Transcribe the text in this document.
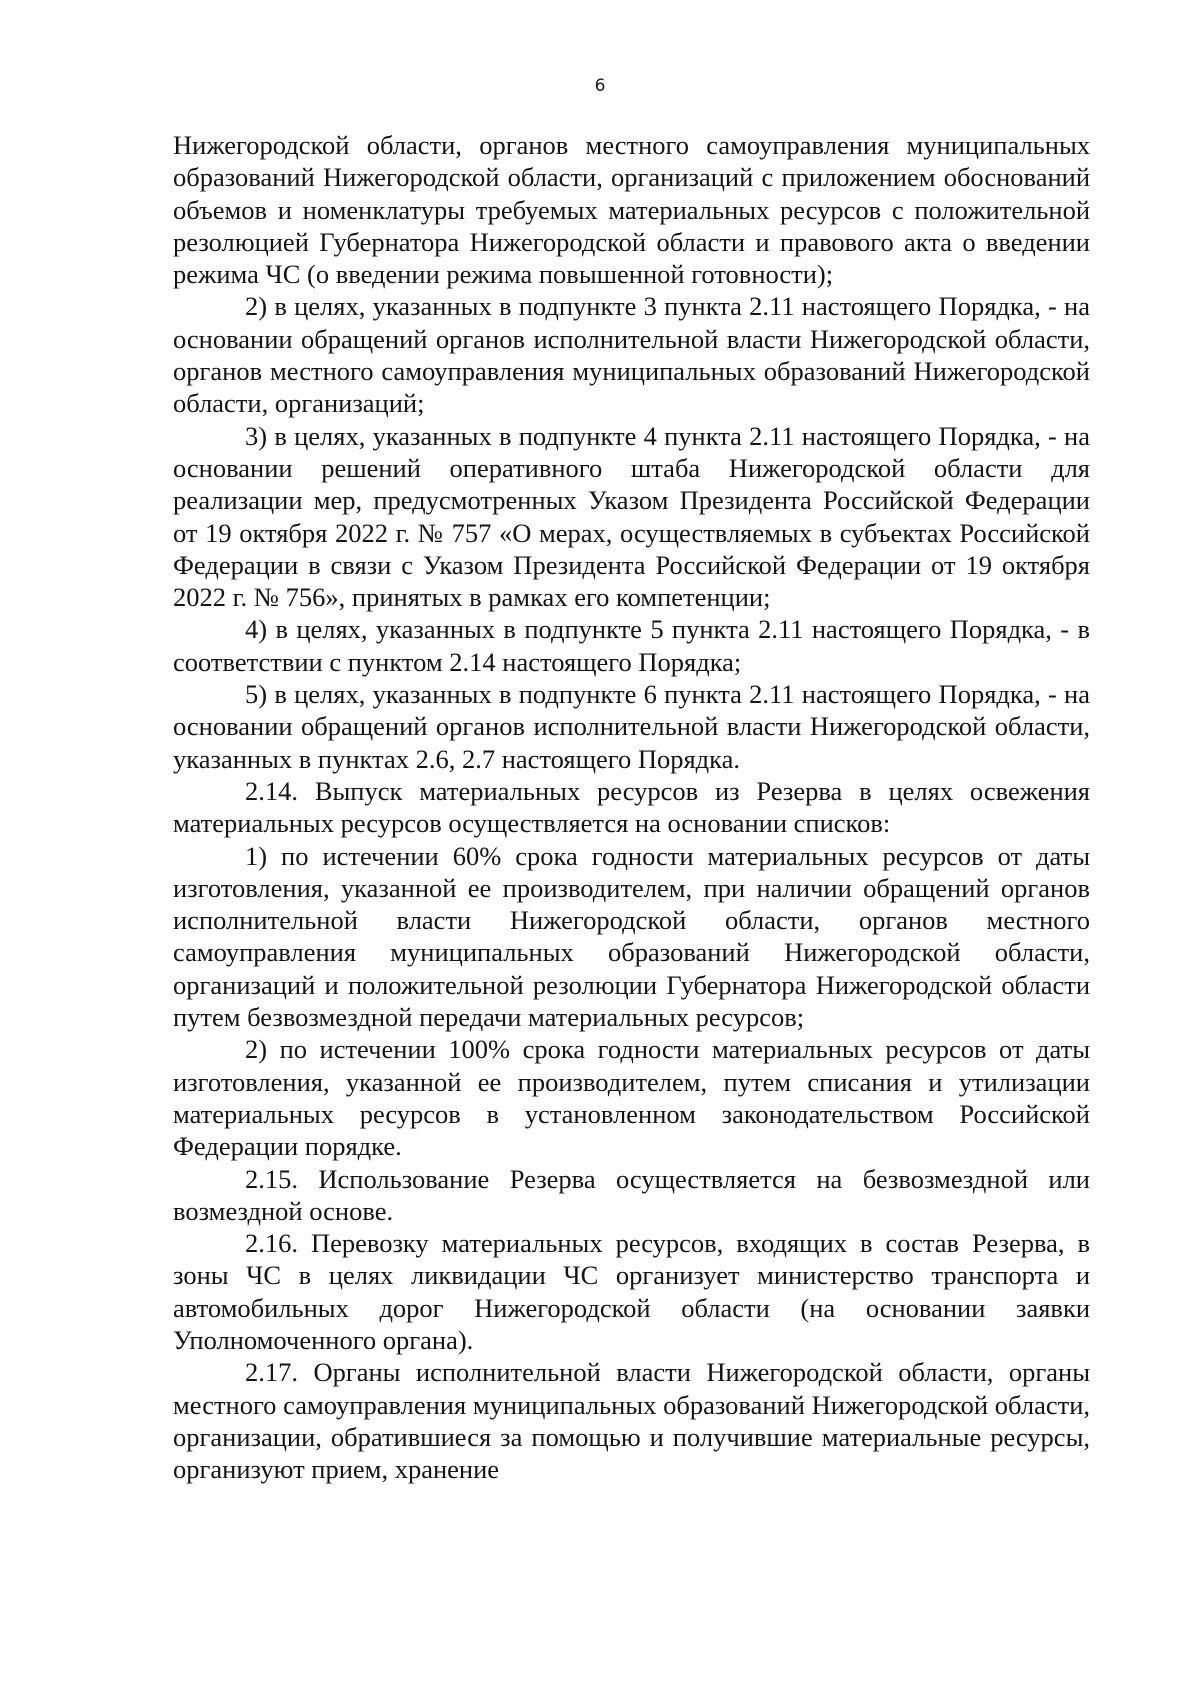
6

Нижегородской области, органов местного самоуправления муниципальных образований Нижегородской области, организаций с приложением обоснований объемов и номенклатуры требуемых материальных ресурсов с положительной резолюцией Губернатора Нижегородской области и правового акта о введении режима ЧС (о введении режима повышенной готовности);

2) в целях, указанных в подпункте 3 пункта 2.11 настоящего Порядка, - на основании обращений органов исполнительной власти Нижегородской области, органов местного самоуправления муниципальных образований Нижегородской области, организаций;

3) в целях, указанных в подпункте 4 пункта 2.11 настоящего Порядка, - на основании решений оперативного штаба Нижегородской области для реализации мер, предусмотренных Указом Президента Российской Федерации от 19 октября 2022 г. № 757 «О мерах, осуществляемых в субъектах Российской Федерации в связи с Указом Президента Российской Федерации от 19 октября 2022 г. № 756», принятых в рамках его компетенции;

4) в целях, указанных в подпункте 5 пункта 2.11 настоящего Порядка, - в соответствии с пунктом 2.14 настоящего Порядка;

5) в целях, указанных в подпункте 6 пункта 2.11 настоящего Порядка, - на основании обращений органов исполнительной власти Нижегородской области, указанных в пунктах 2.6, 2.7 настоящего Порядка.

2.14. Выпуск материальных ресурсов из Резерва в целях освежения материальных ресурсов осуществляется на основании списков:

1) по истечении 60% срока годности материальных ресурсов от даты изготовления, указанной ее производителем, при наличии обращений органов исполнительной власти Нижегородской области, органов местного самоуправления муниципальных образований Нижегородской области, организаций и положительной резолюции Губернатора Нижегородской области путем безвозмездной передачи материальных ресурсов;

2) по истечении 100% срока годности материальных ресурсов от даты изготовления, указанной ее производителем, путем списания и утилизации материальных ресурсов в установленном законодательством Российской Федерации порядке.

2.15. Использование Резерва осуществляется на безвозмездной или возмездной основе.

2.16. Перевозку материальных ресурсов, входящих в состав Резерва, в зоны ЧС в целях ликвидации ЧС организует министерство транспорта и автомобильных дорог Нижегородской области (на основании заявки Уполномоченного органа).

2.17. Органы исполнительной власти Нижегородской области, органы местного самоуправления муниципальных образований Нижегородской области, организации, обратившиеся за помощью и получившие материальные ресурсы, организуют прием, хранение
